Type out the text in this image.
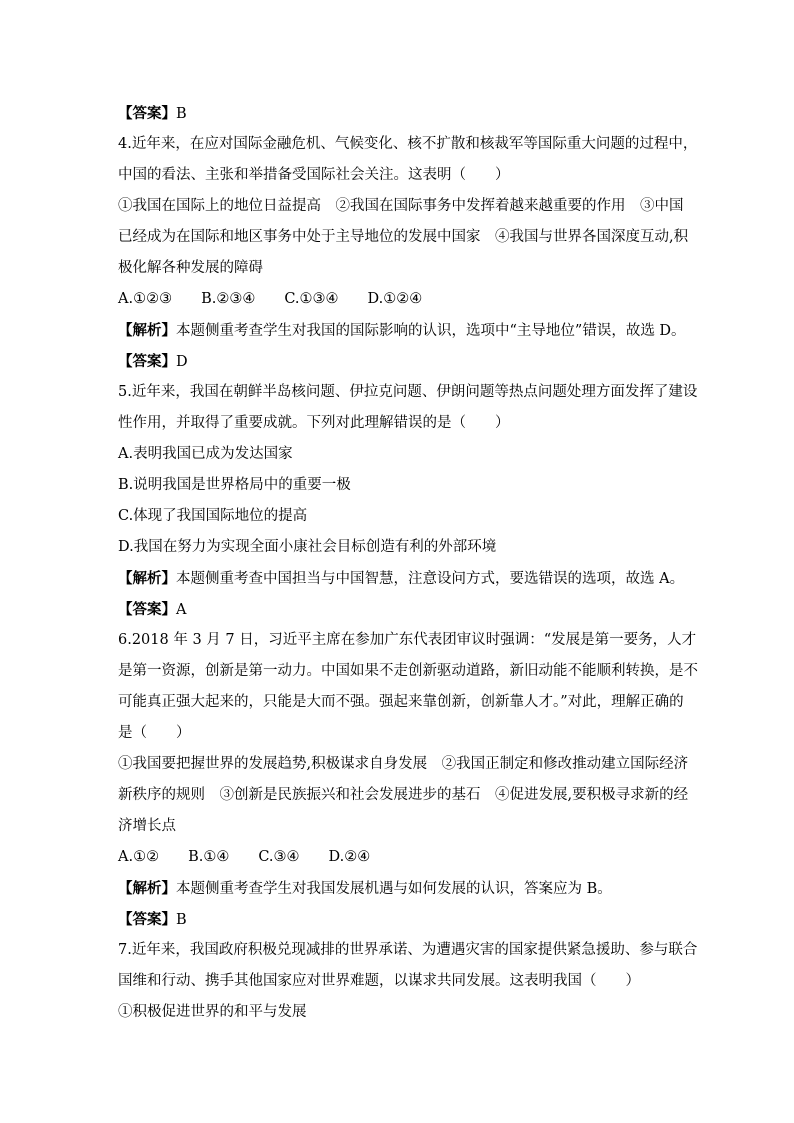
【答案】B
4.近年来，在应对国际金融危机、气候变化、核不扩散和核裁军等国际重大问题的过程中，
中国的看法、主张和举措备受国际社会关注。这表明（　　）
①我国在国际上的地位日益提高　②我国在国际事务中发挥着越来越重要的作用　③中国
已经成为在国际和地区事务中处于主导地位的发展中国家　④我国与世界各国深度互动,积
极化解各种发展的障碍
A.①②③　　B.②③④　　C.①③④　　D.①②④
【解析】本题侧重考查学生对我国的国际影响的认识，选项中“主导地位”错误，故选 D。
【答案】D
5.近年来，我国在朝鲜半岛核问题、伊拉克问题、伊朗问题等热点问题处理方面发挥了建设
性作用，并取得了重要成就。下列对此理解错误的是（　　）
A.表明我国已成为发达国家
B.说明我国是世界格局中的重要一极
C.体现了我国国际地位的提高
D.我国在努力为实现全面小康社会目标创造有利的外部环境
【解析】本题侧重考查中国担当与中国智慧，注意设问方式，要选错误的选项，故选 A。
【答案】A
6.2018 年 3 月 7 日，习近平主席在参加广东代表团审议时强调：“发展是第一要务，人才
是第一资源，创新是第一动力。中国如果不走创新驱动道路，新旧动能不能顺利转换，是不
可能真正强大起来的，只能是大而不强。强起来靠创新，创新靠人才。”对此，理解正确的
是（　　）
①我国要把握世界的发展趋势,积极谋求自身发展　②我国正制定和修改推动建立国际经济
新秩序的规则　③创新是民族振兴和社会发展进步的基石　④促进发展,要积极寻求新的经
济增长点
A.①②　　B.①④　　C.③④　　D.②④
【解析】本题侧重考查学生对我国发展机遇与如何发展的认识，答案应为 B。
【答案】B
7.近年来，我国政府积极兑现减排的世界承诺、为遭遇灾害的国家提供紧急援助、参与联合
国维和行动、携手其他国家应对世界难题，以谋求共同发展。这表明我国（　　）
①积极促进世界的和平与发展
